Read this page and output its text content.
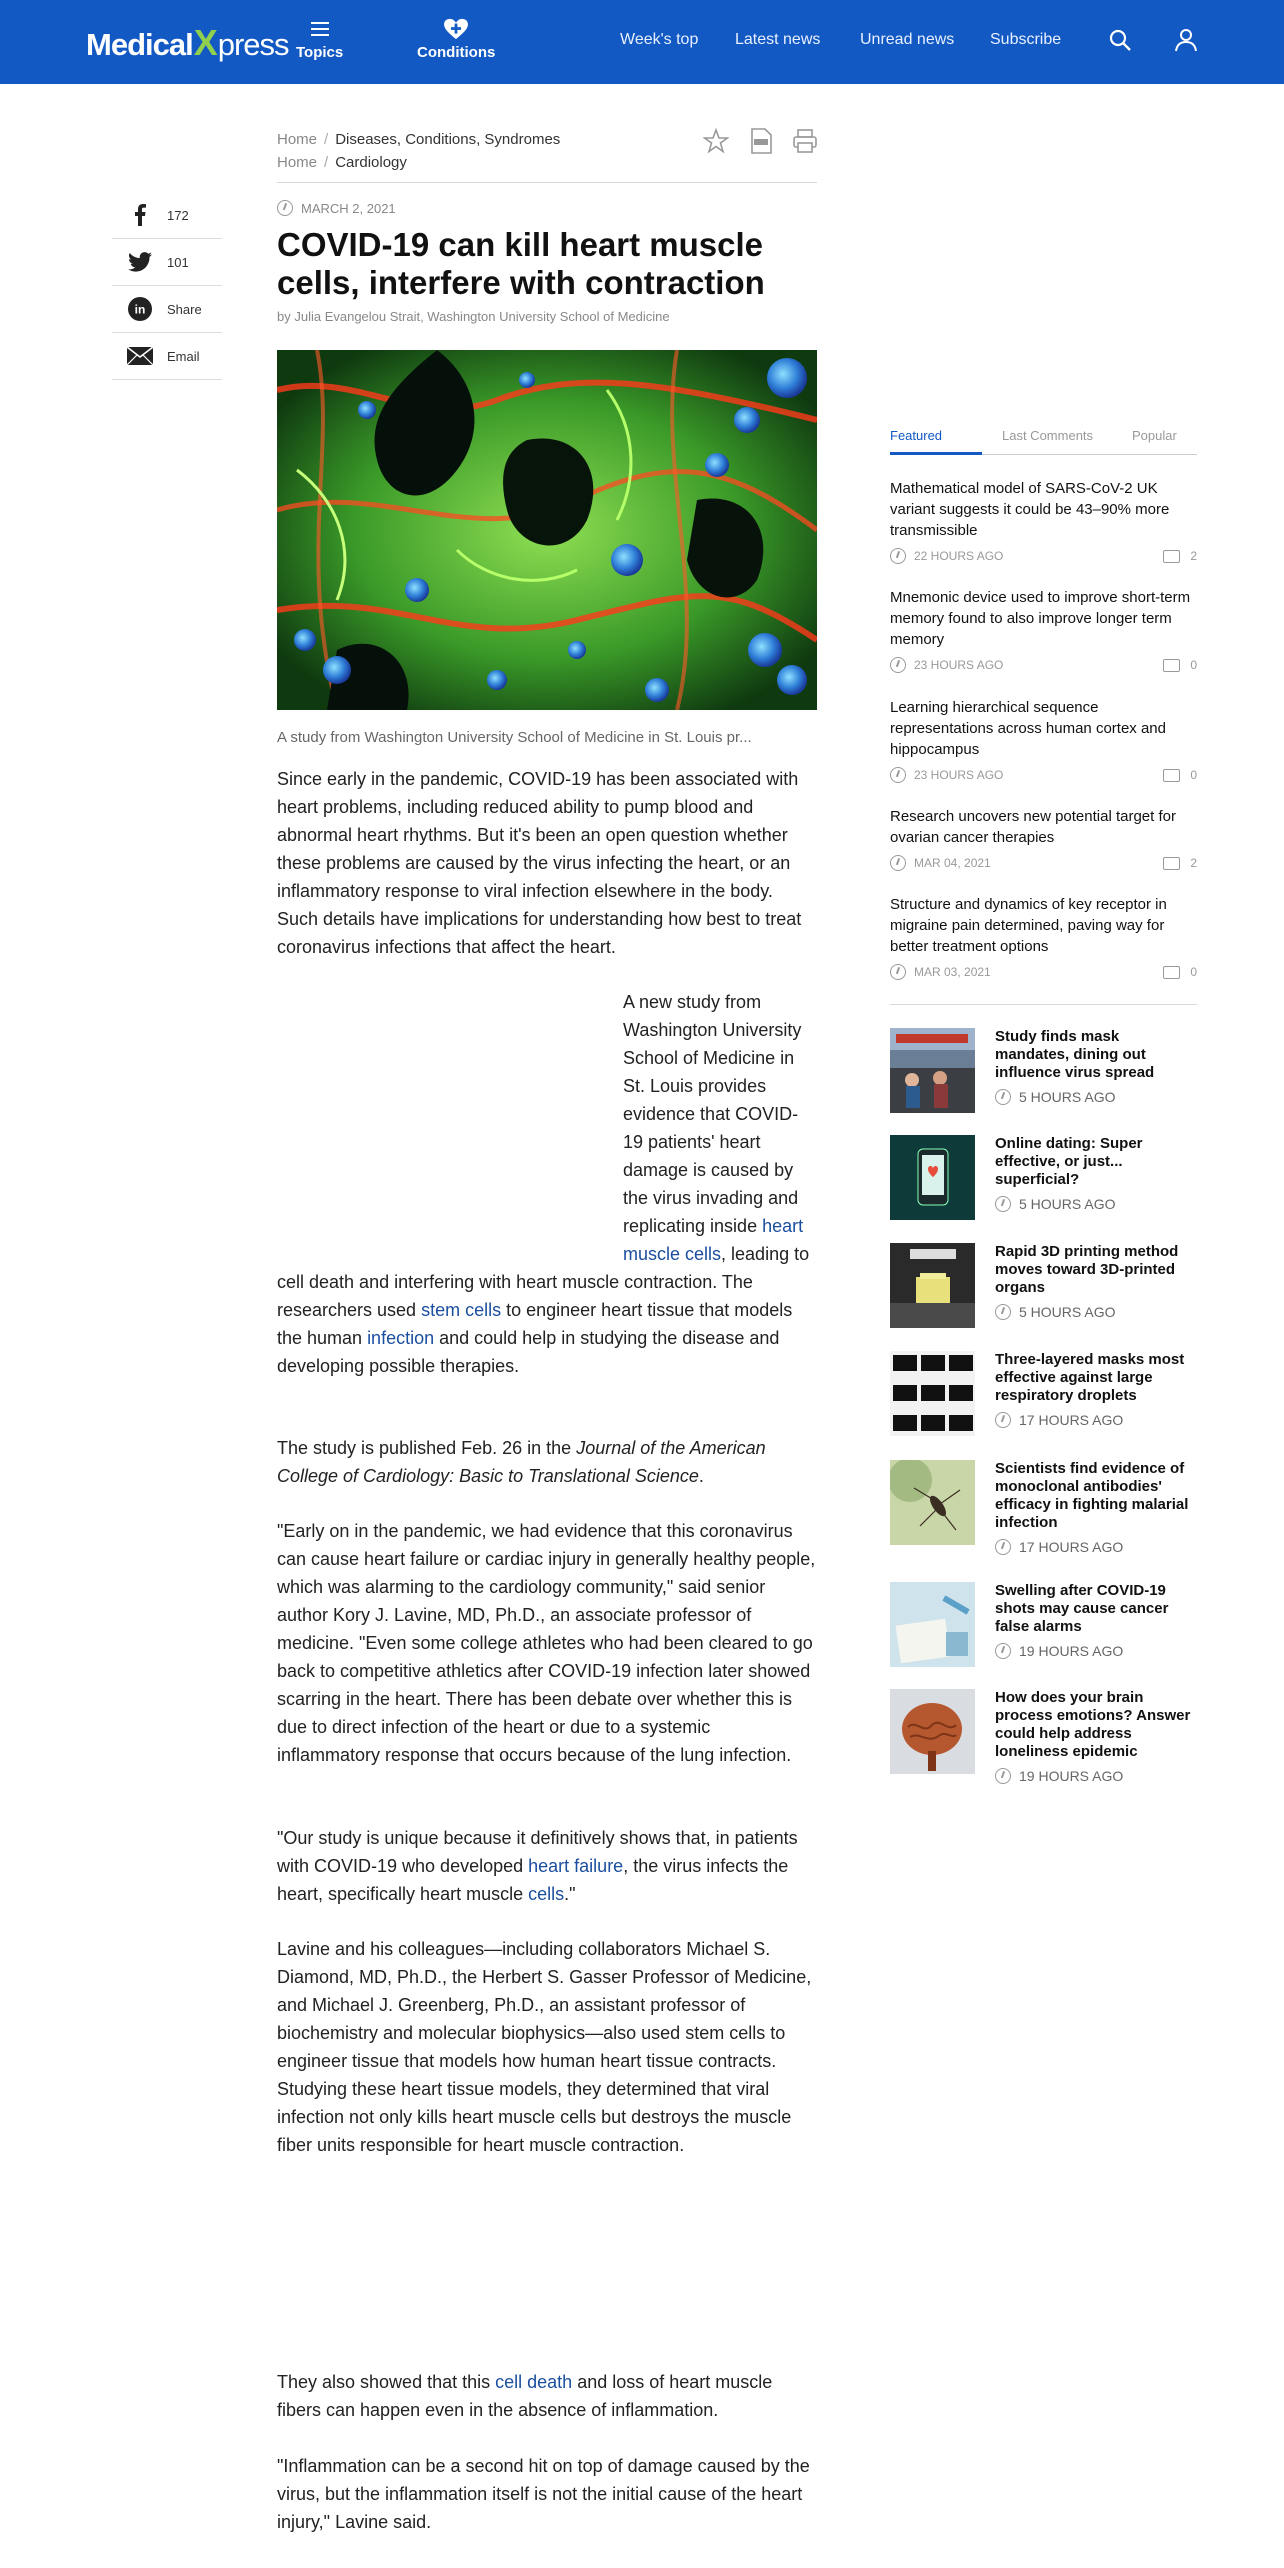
MedicalXpress Topics	Conditions
Week's top Latest news Unread news Subscribe
Home / Diseases, Conditions, Syndromes
Home / Cardiology
172
101
in Share
Email
MARCH 2, 2021
COVID-19 can kill heart muscle cells, interfere with contraction
by Julia Evangelou Strait, Washington University School of Medicine
A study from Washington University School of Medicine in St. Louis pr...

Since early in the pandemic, COVID-19 has been associated with heart problems, including reduced ability to pump blood and abnormal heart rhythms. But it's been an open question whether these problems are caused by the virus infecting the heart, or an inflammatory response to viral infection elsewhere in the body. Such details have implications for understanding how best to treat coronavirus infections that affect the heart.

A new study from Washington University School of Medicine in St. Louis provides evidence that COVID-19 patients' heart damage is caused by the virus invading and replicating inside heart muscle cells, leading to cell death and interfering with heart muscle contraction. The researchers used stem cells to engineer heart tissue that models the human infection and could help in studying the disease and developing possible therapies.

The study is published Feb. 26 in the Journal of the American College of Cardiology: Basic to Translational Science.

"Early on in the pandemic, we had evidence that this coronavirus can cause heart failure or cardiac injury in generally healthy people, which was alarming to the cardiology community," said senior author Kory J. Lavine, MD, Ph.D., an associate professor of medicine. "Even some college athletes who had been cleared to go back to competitive athletics after COVID-19 infection later showed scarring in the heart. There has been debate over whether this is due to direct infection of the heart or due to a systemic inflammatory response that occurs because of the lung infection.

"Our study is unique because it definitively shows that, in patients with COVID-19 who developed heart failure, the virus infects the heart, specifically heart muscle cells."

Lavine and his colleagues—including collaborators Michael S. Diamond, MD, Ph.D., the Herbert S. Gasser Professor of Medicine, and Michael J. Greenberg, Ph.D., an assistant professor of biochemistry and molecular biophysics—also used stem cells to engineer tissue that models how human heart tissue contracts. Studying these heart tissue models, they determined that viral infection not only kills heart muscle cells but destroys the muscle fiber units responsible for heart muscle contraction.

They also showed that this cell death and loss of heart muscle fibers can happen even in the absence of inflammation.

"Inflammation can be a second hit on top of damage caused by the virus, but the inflammation itself is not the initial cause of the heart injury," Lavine said.

Featured	Last Comments	Popular
Mathematical model of SARS-CoV-2 UK variant suggests it could be 43–90% more transmissible
22 HOURS AGO	2
Mnemonic device used to improve short-term memory found to also improve longer term memory
23 HOURS AGO	0
Learning hierarchical sequence representations across human cortex and hippocampus
23 HOURS AGO	0
Research uncovers new potential target for ovarian cancer therapies
MAR 04, 2021	2
Structure and dynamics of key receptor in migraine pain determined, paving way for better treatment options
MAR 03, 2021	0
Study finds mask mandates, dining out influence virus spread
5 HOURS AGO
Online dating: Super effective, or just... superficial?
5 HOURS AGO
Rapid 3D printing method moves toward 3D-printed organs
5 HOURS AGO
Three-layered masks most effective against large respiratory droplets
17 HOURS AGO
Scientists find evidence of monoclonal antibodies' efficacy in fighting malarial infection
17 HOURS AGO
Swelling after COVID-19 shots may cause cancer false alarms
19 HOURS AGO
How does your brain process emotions? Answer could help address loneliness epidemic
19 HOURS AGO
